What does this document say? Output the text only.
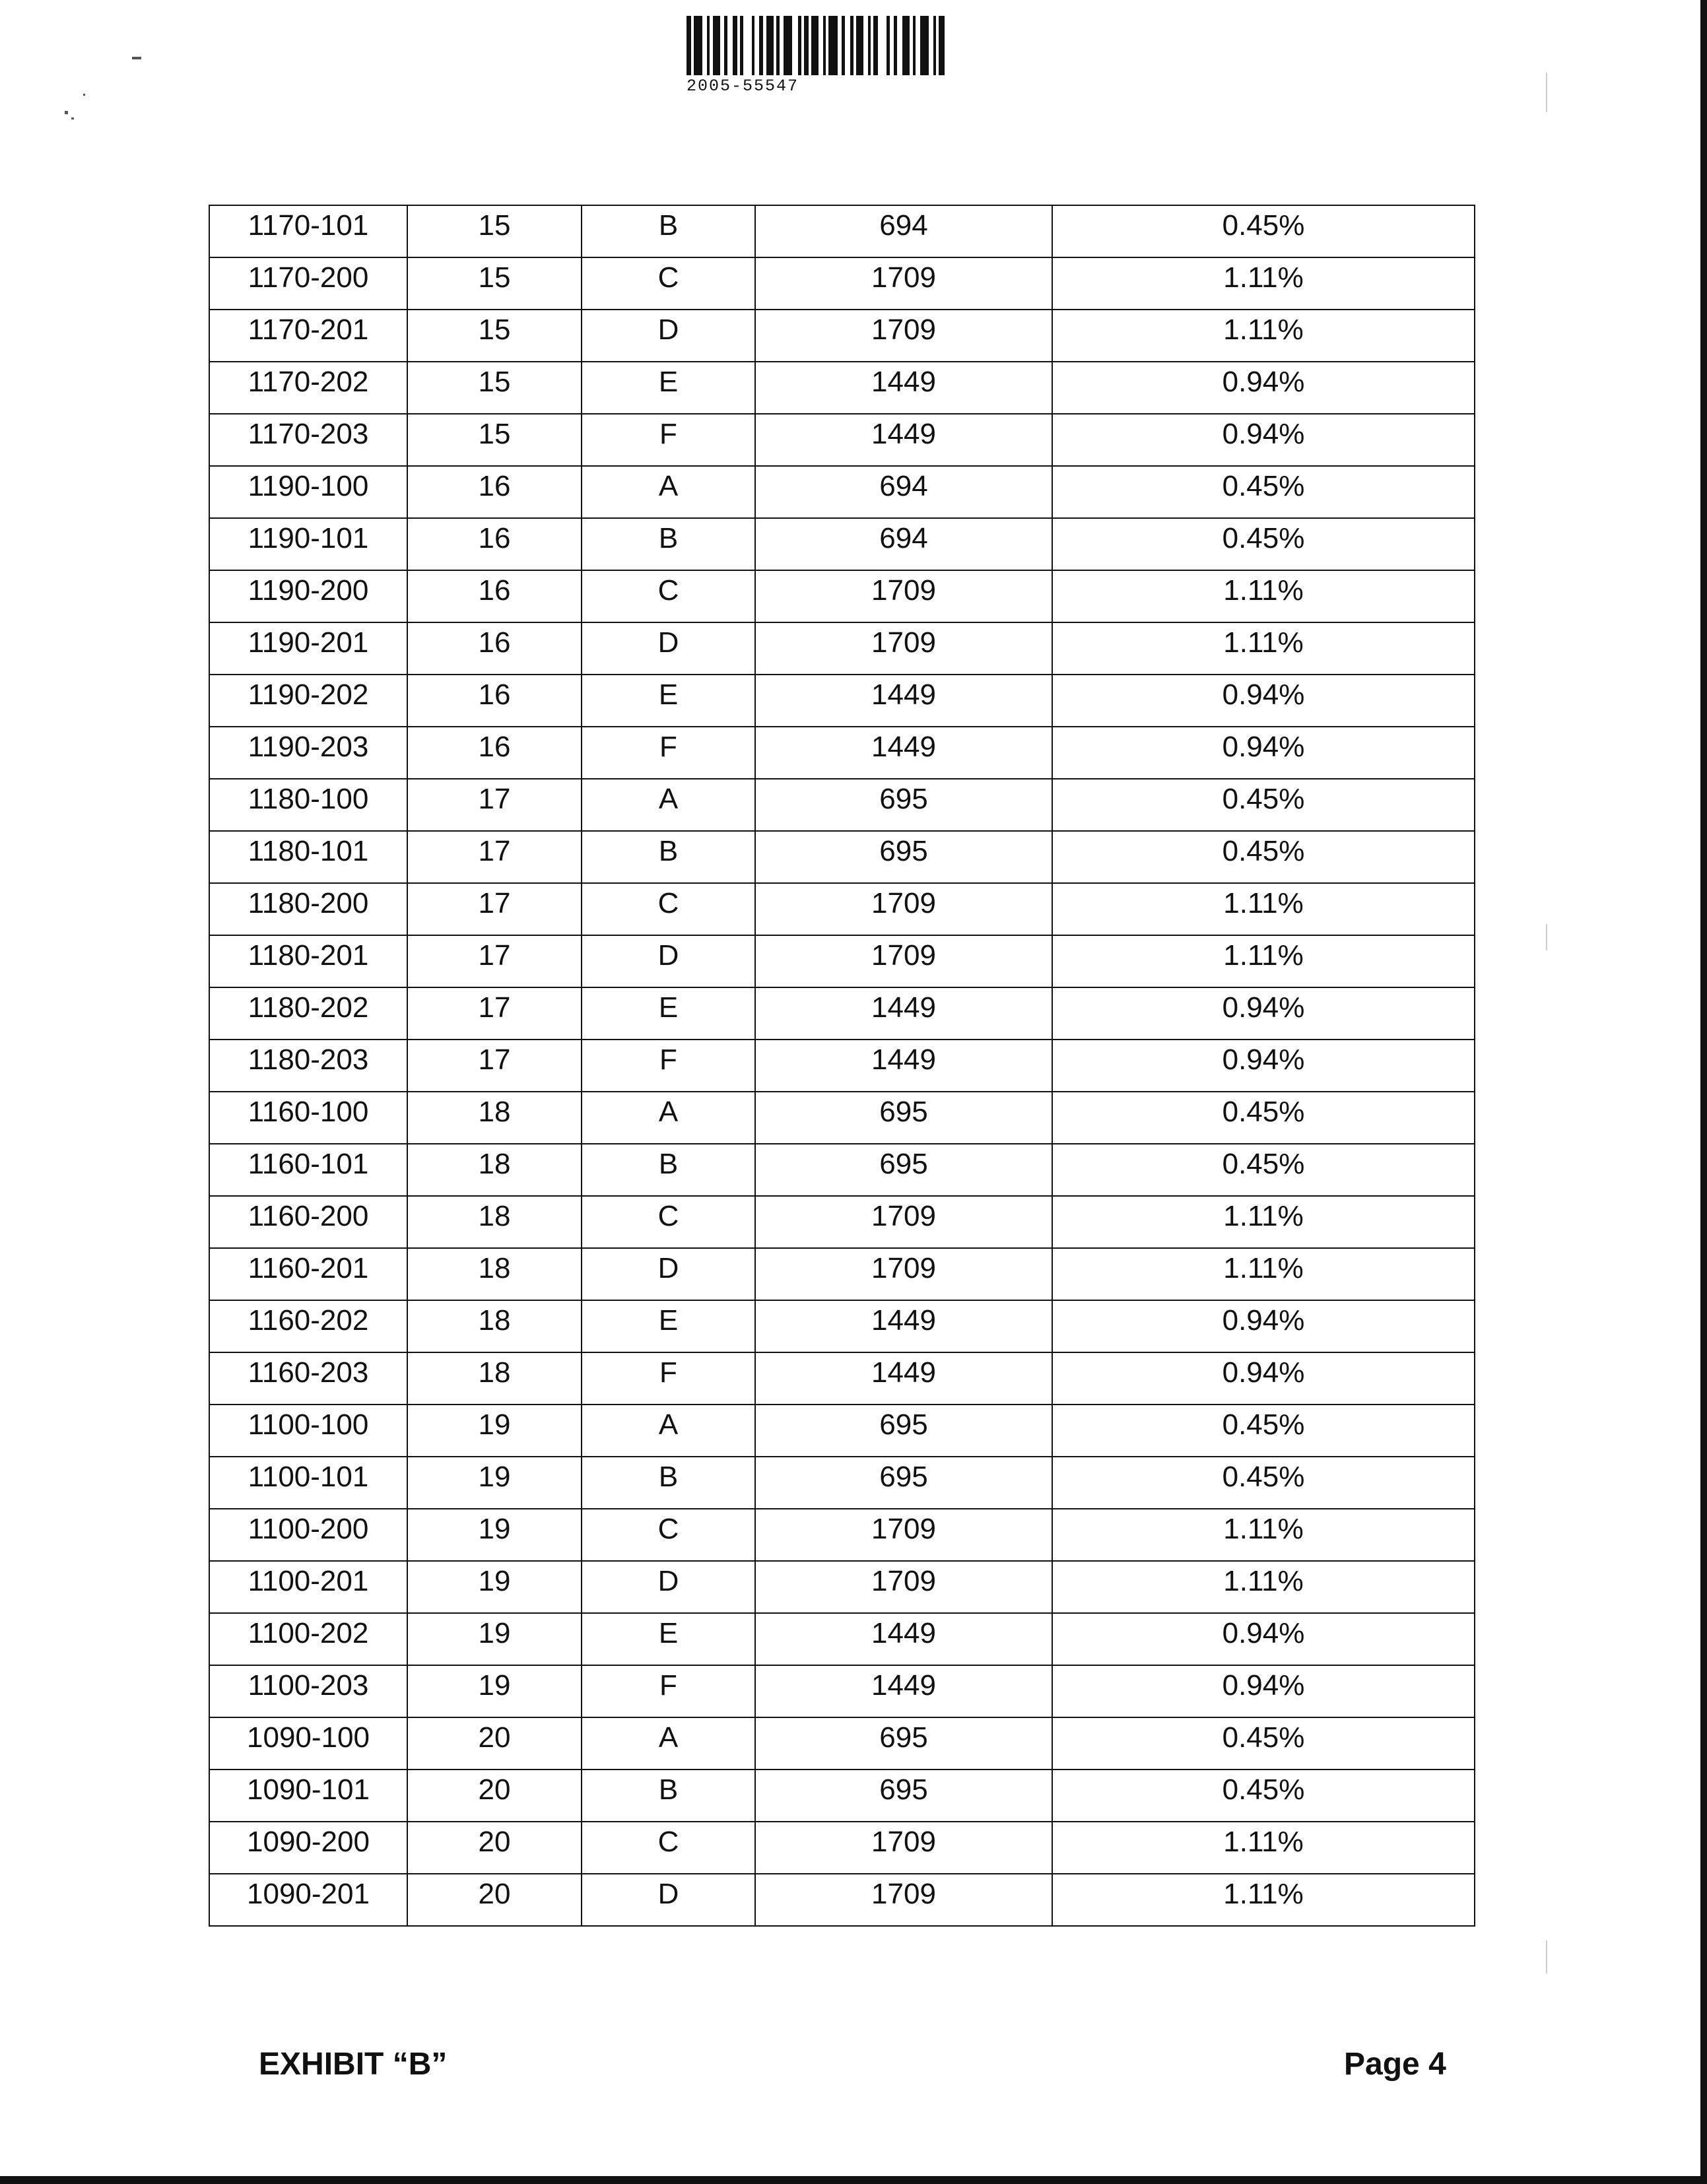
2005-55547
1170-101	15	B	694	0.45%
1170-200	15	C	1709	1.11%
1170-201	15	D	1709	1.11%
1170-202	15	E	1449	0.94%
1170-203	15	F	1449	0.94%
1190-100	16	A	694	0.45%
1190-101	16	B	694	0.45%
1190-200	16	C	1709	1.11%
1190-201	16	D	1709	1.11%
1190-202	16	E	1449	0.94%
1190-203	16	F	1449	0.94%
1180-100	17	A	695	0.45%
1180-101	17	B	695	0.45%
1180-200	17	C	1709	1.11%
1180-201	17	D	1709	1.11%
1180-202	17	E	1449	0.94%
1180-203	17	F	1449	0.94%
1160-100	18	A	695	0.45%
1160-101	18	B	695	0.45%
1160-200	18	C	1709	1.11%
1160-201	18	D	1709	1.11%
1160-202	18	E	1449	0.94%
1160-203	18	F	1449	0.94%
1100-100	19	A	695	0.45%
1100-101	19	B	695	0.45%
1100-200	19	C	1709	1.11%
1100-201	19	D	1709	1.11%
1100-202	19	E	1449	0.94%
1100-203	19	F	1449	0.94%
1090-100	20	A	695	0.45%
1090-101	20	B	695	0.45%
1090-200	20	C	1709	1.11%
1090-201	20	D	1709	1.11%
EXHIBIT “B”	Page 4
